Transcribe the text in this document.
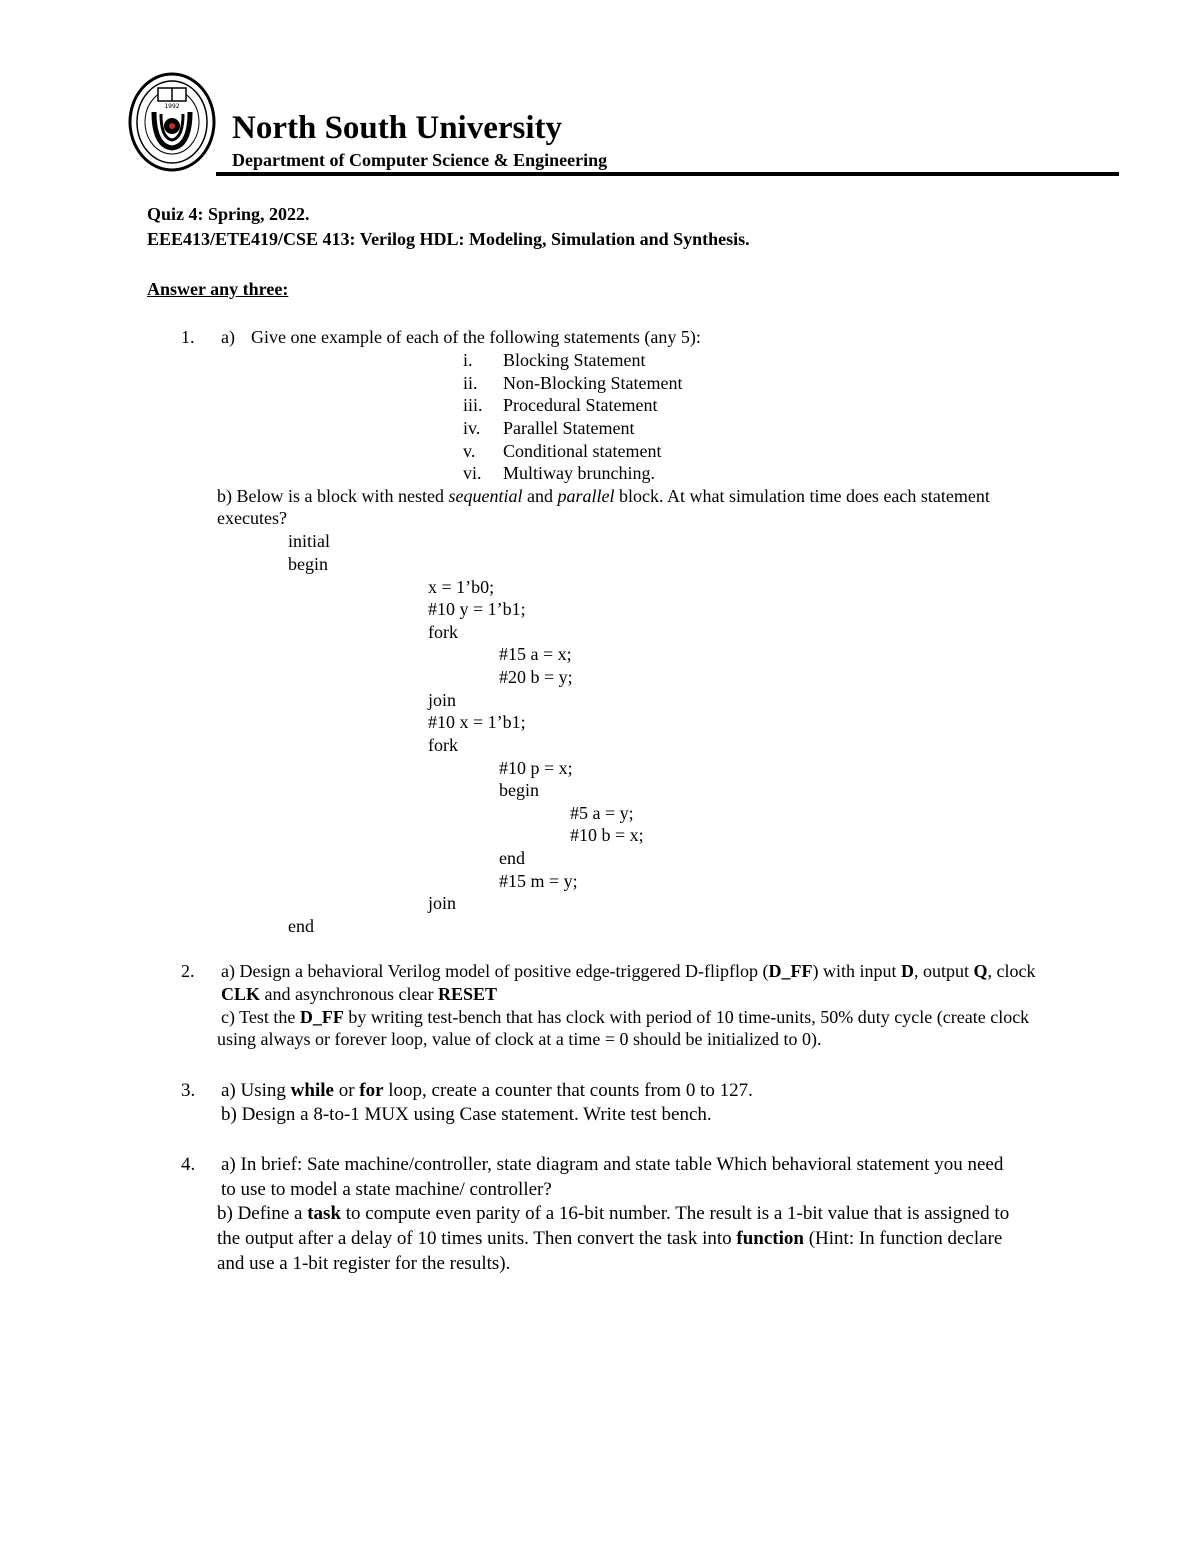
1992
North South University
Department of Computer Science & Engineering
Quiz 4: Spring, 2022.
EEE413/ETE419/CSE 413: Verilog HDL: Modeling, Simulation and Synthesis.
Answer any three:
1. a) Give one example of each of the following statements (any 5):
i.	Blocking Statement
ii.	Non-Blocking Statement
iii.	Procedural Statement
iv.	Parallel Statement
v.	Conditional statement
vi.	Multiway brunching.
b) Below is a block with nested sequential and parallel block. At what simulation time does each statement
executes?
initial
begin
x = 1’b0;
#10 y = 1’b1;
fork
#15 a = x;
#20 b = y;
join
#10 x = 1’b1;
fork
#10 p = x;
begin
#5 a = y;
#10 b = x;
end
#15 m = y;
join
end
2. a) Design a behavioral Verilog model of positive edge-triggered D-flipflop (D_FF) with input D, output Q, clock
CLK and asynchronous clear RESET
c) Test the D_FF by writing test-bench that has clock with period of 10 time-units, 50% duty cycle (create clock
using always or forever loop, value of clock at a time = 0 should be initialized to 0).
3. a) Using while or for loop, create a counter that counts from 0 to 127.
b) Design a 8-to-1 MUX using Case statement. Write test bench.
4. a) In brief: Sate machine/controller, state diagram and state table Which behavioral statement you need
to use to model a state machine/ controller?
b) Define a task to compute even parity of a 16-bit number. The result is a 1-bit value that is assigned to
the output after a delay of 10 times units. Then convert the task into function (Hint: In function declare
and use a 1-bit register for the results).
